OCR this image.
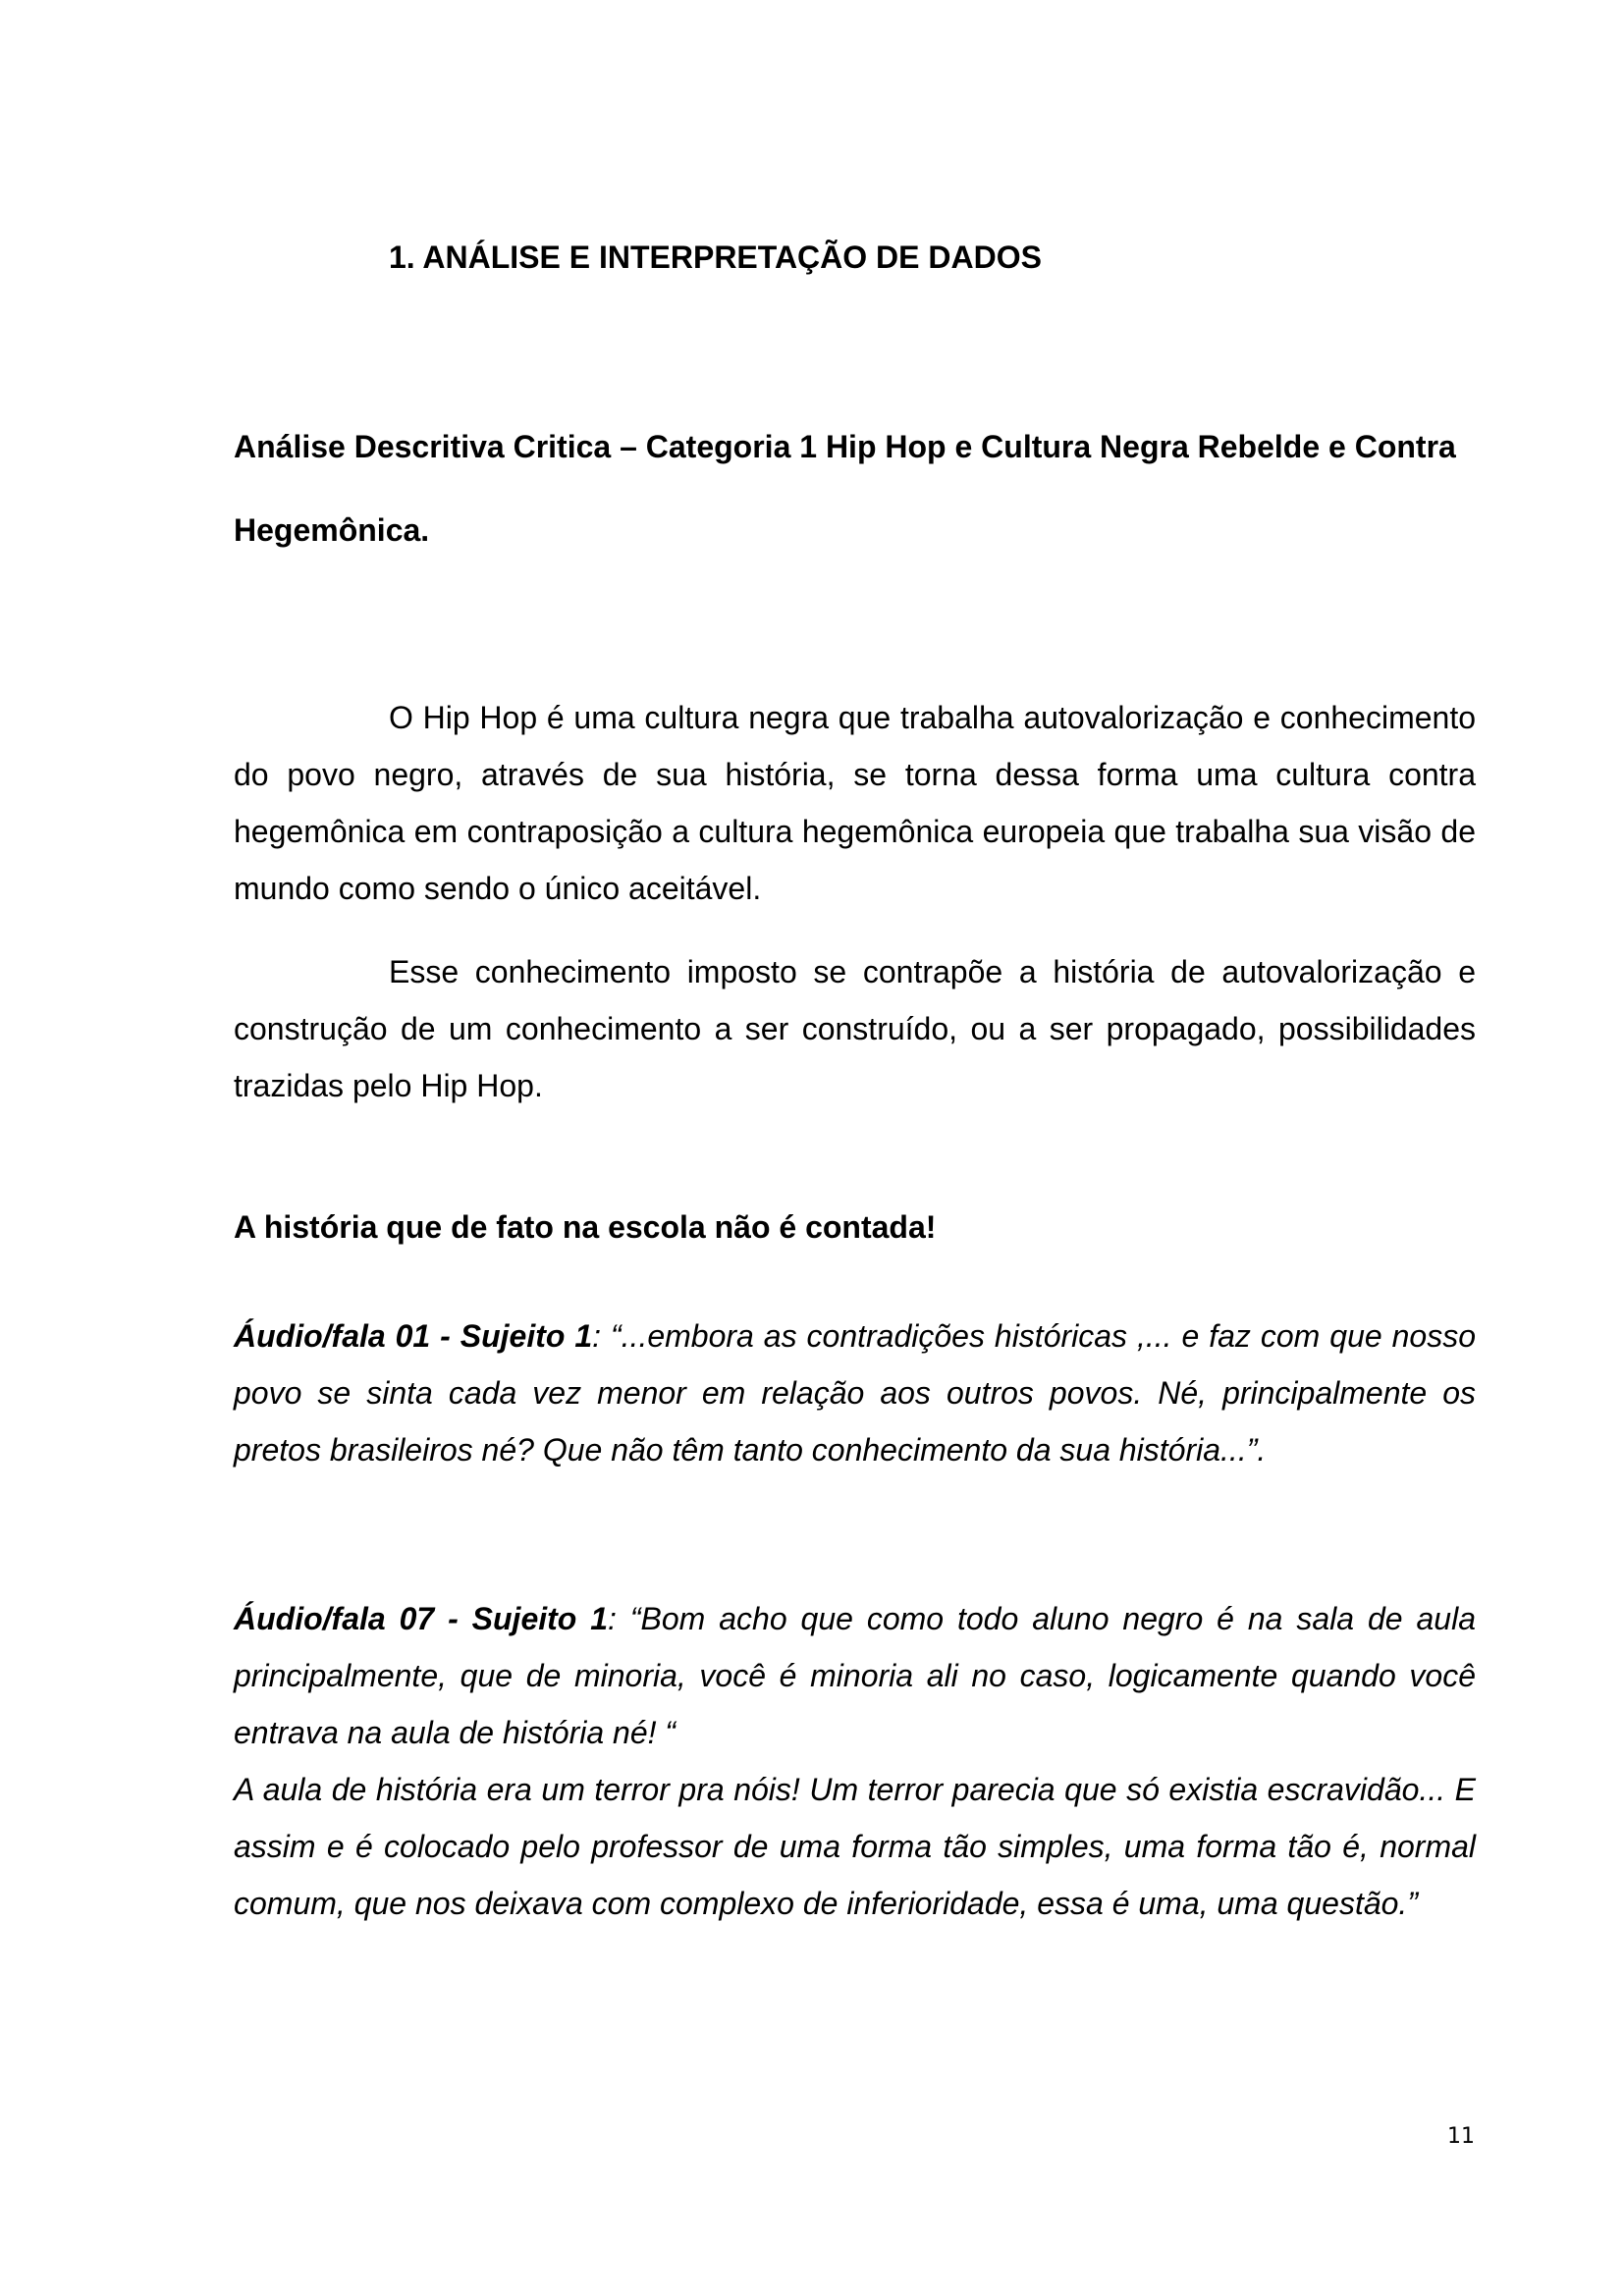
1. ANÁLISE E INTERPRETAÇÃO DE DADOS
Análise Descritiva Critica – Categoria 1 Hip Hop e Cultura Negra Rebelde e Contra Hegemônica.

O Hip Hop é uma cultura negra que trabalha autovalorização e conhecimento do povo negro, através de sua história, se torna dessa forma uma cultura contra hegemônica em contraposição a cultura hegemônica europeia que trabalha sua visão de mundo como sendo o único aceitável.

Esse conhecimento imposto se contrapõe a história de autovalorização e construção de um conhecimento a ser construído, ou a ser propagado, possibilidades trazidas pelo Hip Hop.

A história que de fato na escola não é contada!

Áudio/fala 01 - Sujeito 1: “...embora as contradições históricas ,... e faz com que nosso povo se sinta cada vez menor em relação aos outros povos. Né, principalmente os pretos brasileiros né? Que não têm tanto conhecimento da sua história...”.

Áudio/fala 07 - Sujeito 1: “Bom acho que como todo aluno negro é na sala de aula principalmente, que de minoria, você é minoria ali no caso, logicamente quando você entrava na aula de história né! “
A aula de história era um terror pra nóis! Um terror parecia que só existia escravidão... E assim e é colocado pelo professor de uma forma tão simples, uma forma tão é, normal comum, que nos deixava com complexo de inferioridade, essa é uma, uma questão.”

11
